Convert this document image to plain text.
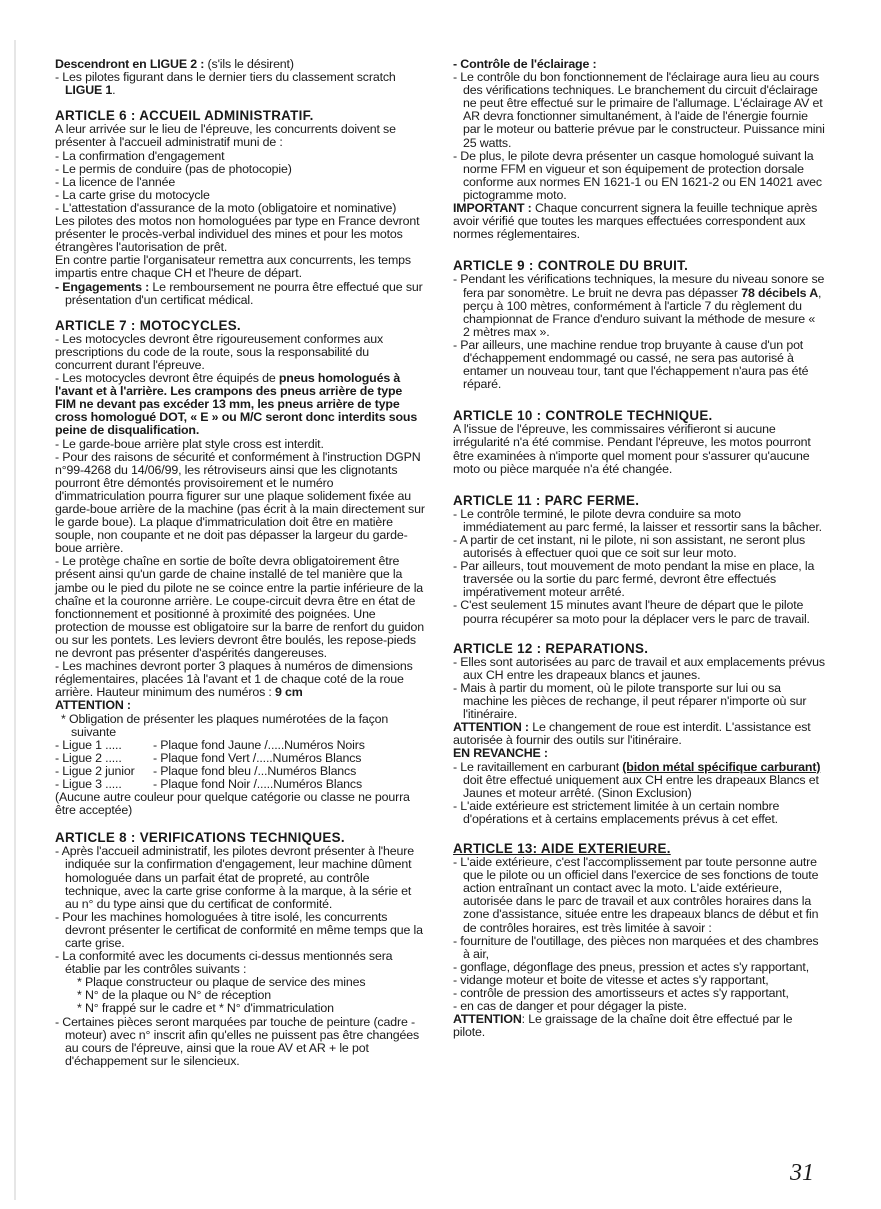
Descendront en LIGUE 2 : (s'ils le désirent)

- Les pilotes figurant dans le dernier tiers du classement scratch LIGUE 1.

ARTICLE 6 : ACCUEIL ADMINISTRATIF.

A leur arrivée sur le lieu de l'épreuve, les concurrents doivent se présenter à l'accueil administratif muni de :

- La confirmation d'engagement

- Le permis de conduire (pas de photocopie)

- La licence de l'année

- La carte grise du motocycle

- L'attestation d'assurance de la moto (obligatoire et nominative)

Les pilotes des motos non homologuées par type en France devront présenter le procès-verbal individuel des mines et pour les motos étrangères l'autorisation de prêt.

En contre partie l'organisateur remettra aux concurrents, les temps impartis entre chaque CH et l'heure de départ.

- Engagements : Le remboursement ne pourra être effectué que sur présentation d'un certificat médical.

ARTICLE 7 : MOTOCYCLES.

- Les motocycles devront être rigoureusement conformes aux prescriptions du code de la route, sous la responsabilité du concurrent durant l'épreuve.

- Les motocycles devront être équipés de pneus homologués à l'avant et à l'arrière. Les crampons des pneus arrière de type FIM ne devant pas excéder 13 mm, les pneus arrière de type cross homologué DOT, « E » ou M/C seront donc interdits sous peine de disqualification.

- Le garde-boue arrière plat style cross est interdit.

- Pour des raisons de sécurité et conformément à l'instruction DGPN n°99-4268 du 14/06/99, les rétroviseurs ainsi que les clignotants pourront être démontés provisoirement et le numéro d'immatriculation pourra figurer sur une plaque solidement fixée au garde-boue arrière de la machine (pas écrit à la main directement sur le garde boue). La plaque d'immatriculation doit être en matière souple, non coupante et ne doit pas dépasser la largeur du garde-boue arrière.

- Le protège chaîne en sortie de boîte devra obligatoirement être présent ainsi qu'un garde de chaine installé de tel manière que la jambe ou le pied du pilote ne se coince entre la partie inférieure de la chaîne et la couronne arrière. Le coupe-circuit devra être en état de fonctionnement et positionné à proximité des poignées. Une protection de mousse est obligatoire sur la barre de renfort du guidon ou sur les pontets. Les leviers devront être boulés, les repose-pieds ne devront pas présenter d'aspérités dangereuses.

- Les machines devront porter 3 plaques à numéros de dimensions réglementaires, placées 1à l'avant et 1 de chaque coté de la roue arrière. Hauteur minimum des numéros : 9 cm

ATTENTION :

* Obligation de présenter les plaques numérotées de la façon suivante

- Ligue 1 .....	- Plaque fond Jaune /.....Numéros Noirs
- Ligue 2 .....	- Plaque fond Vert /.....Numéros Blancs
- Ligue 2 junior	- Plaque fond bleu /...Numéros Blancs
- Ligue 3 .....	- Plaque fond Noir /.....Numéros Blancs

(Aucune autre couleur pour quelque catégorie ou classe ne pourra être acceptée)

ARTICLE 8 : VERIFICATIONS TECHNIQUES.

- Après l'accueil administratif, les pilotes devront présenter à l'heure indiquée sur la confirmation d'engagement, leur machine dûment homologuée dans un parfait état de propreté, au contrôle technique, avec la carte grise conforme à la marque, à la série et au n° du type ainsi que du certificat de conformité.

- Pour les machines homologuées à titre isolé, les concurrents devront présenter le certificat de conformité en même temps que la carte grise.

- La conformité avec les documents ci-dessus mentionnés sera établie par les contrôles suivants :

* Plaque constructeur ou plaque de service des mines

* N° de la plaque ou N° de réception

* N° frappé sur le cadre et * N° d'immatriculation

- Certaines pièces seront marquées par touche de peinture (cadre - moteur) avec n° inscrit afin qu'elles ne puissent pas être changées au cours de l'épreuve, ainsi que la roue AV et AR + le pot d'échappement sur le silencieux.

- Contrôle de l'éclairage :

- Le contrôle du bon fonctionnement de l'éclairage aura lieu au cours des vérifications techniques. Le branchement du circuit d'éclairage ne peut être effectué sur le primaire de l'allumage. L'éclairage AV et AR devra fonctionner simultanément, à l'aide de l'énergie fournie par le moteur ou batterie prévue par le constructeur. Puissance mini 25 watts.

- De plus, le pilote devra présenter un casque homologué suivant la norme FFM en vigueur et son équipement de protection dorsale conforme aux normes EN 1621-1 ou EN 1621-2 ou EN 14021 avec pictogramme moto.

IMPORTANT : Chaque concurrent signera la feuille technique après avoir vérifié que toutes les marques effectuées correspondent aux normes réglementaires.

ARTICLE 9 : CONTROLE DU BRUIT.

- Pendant les vérifications techniques, la mesure du niveau sonore se fera par sonomètre. Le bruit ne devra pas dépasser 78 décibels A, perçu à 100 mètres, conformément à l'article 7 du règlement du championnat de France d'enduro suivant la méthode de mesure « 2 mètres max ».

- Par ailleurs, une machine rendue trop bruyante à cause d'un pot d'échappement endommagé ou cassé, ne sera pas autorisé à entamer un nouveau tour, tant que l'échappement n'aura pas été réparé.

ARTICLE 10 : CONTROLE TECHNIQUE.

A l'issue de l'épreuve, les commissaires vérifieront si aucune irrégularité n'a été commise. Pendant l'épreuve, les motos pourront être examinées à n'importe quel moment pour s'assurer qu'aucune moto ou pièce marquée n'a été changée.

ARTICLE 11 : PARC FERME.

- Le contrôle terminé, le pilote devra conduire sa moto immédiatement au parc fermé, la laisser et ressortir sans la bâcher.

- A partir de cet instant, ni le pilote, ni son assistant, ne seront plus autorisés à effectuer quoi que ce soit sur leur moto.

- Par ailleurs, tout mouvement de moto pendant la mise en place, la traversée ou la sortie du parc fermé, devront être effectués impérativement moteur arrêté.

- C'est seulement 15 minutes avant l'heure de départ que le pilote pourra récupérer sa moto pour la déplacer vers le parc de travail.

ARTICLE 12 : REPARATIONS.

- Elles sont autorisées au parc de travail et aux emplacements prévus aux CH entre les drapeaux blancs et jaunes.

- Mais à partir du moment, où le pilote transporte sur lui ou sa machine les pièces de rechange, il peut réparer n'importe où sur l'itinéraire.

ATTENTION : Le changement de roue est interdit. L'assistance est autorisée à fournir des outils sur l'itinéraire.

EN REVANCHE :

- Le ravitaillement en carburant (bidon métal spécifique carburant) doit être effectué uniquement aux CH entre les drapeaux Blancs et Jaunes et moteur arrêté. (Sinon Exclusion)

- L'aide extérieure est strictement limitée à un certain nombre d'opérations et à certains emplacements prévus à cet effet.

ARTICLE 13: AIDE EXTERIEURE.

- L'aide extérieure, c'est l'accomplissement par toute personne autre que le pilote ou un officiel dans l'exercice de ses fonctions de toute action entraînant un contact avec la moto. L'aide extérieure, autorisée dans le parc de travail et aux contrôles horaires dans la zone d'assistance, située entre les drapeaux blancs de début et fin de contrôles horaires, est très limitée à savoir :

- fourniture de l'outillage, des pièces non marquées et des chambres à air,

- gonflage, dégonflage des pneus, pression et actes s'y rapportant,

- vidange moteur et boite de vitesse et actes s'y rapportant,

- contrôle de pression des amortisseurs et actes s'y rapportant,

- en cas de danger et pour dégager la piste.

ATTENTION: Le graissage de la chaîne doit être effectué par le pilote.

31
